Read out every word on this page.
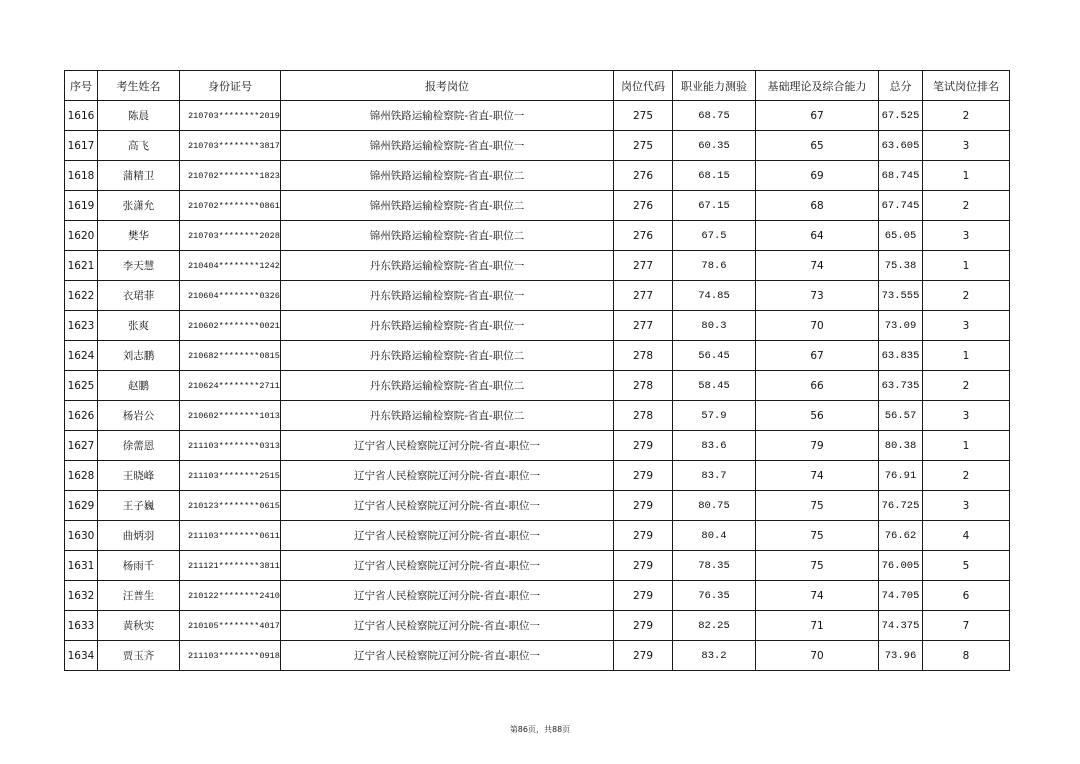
序号	考生姓名	身份证号	报考岗位	岗位代码	职业能力测验	基础理论及综合能力	总分	笔试岗位排名
1616	陈晨	210703********2019	锦州铁路运输检察院-省直-职位一	275	68.75	67	67.525	2
1617	高飞	210703********3817	锦州铁路运输检察院-省直-职位一	275	60.35	65	63.605	3
1618	蒲精卫	210702********1823	锦州铁路运输检察院-省直-职位二	276	68.15	69	68.745	1
1619	张潇允	210702********0861	锦州铁路运输检察院-省直-职位二	276	67.15	68	67.745	2
1620	樊华	210703********2028	锦州铁路运输检察院-省直-职位二	276	67.5	64	65.05	3
1621	李天慧	210404********1242	丹东铁路运输检察院-省直-职位一	277	78.6	74	75.38	1
1622	衣珺菲	210604********0326	丹东铁路运输检察院-省直-职位一	277	74.85	73	73.555	2
1623	张爽	210602********0021	丹东铁路运输检察院-省直-职位一	277	80.3	70	73.09	3
1624	刘志鹏	210682********0815	丹东铁路运输检察院-省直-职位二	278	56.45	67	63.835	1
1625	赵鹏	210624********2711	丹东铁路运输检察院-省直-职位二	278	58.45	66	63.735	2
1626	杨岩公	210602********1013	丹东铁路运输检察院-省直-职位二	278	57.9	56	56.57	3
1627	徐薷恩	211103********0313	辽宁省人民检察院辽河分院-省直-职位一	279	83.6	79	80.38	1
1628	王晓峰	211103********2515	辽宁省人民检察院辽河分院-省直-职位一	279	83.7	74	76.91	2
1629	王子巍	210123********0615	辽宁省人民检察院辽河分院-省直-职位一	279	80.75	75	76.725	3
1630	曲炳羽	211103********0611	辽宁省人民检察院辽河分院-省直-职位一	279	80.4	75	76.62	4
1631	杨雨千	211121********3811	辽宁省人民检察院辽河分院-省直-职位一	279	78.35	75	76.005	5
1632	汪普生	210122********2410	辽宁省人民检察院辽河分院-省直-职位一	279	76.35	74	74.705	6
1633	黄秋实	210105********4017	辽宁省人民检察院辽河分院-省直-职位一	279	82.25	71	74.375	7
1634	贾玉齐	211103********0918	辽宁省人民检察院辽河分院-省直-职位一	279	83.2	70	73.96	8
第86页，共88页
